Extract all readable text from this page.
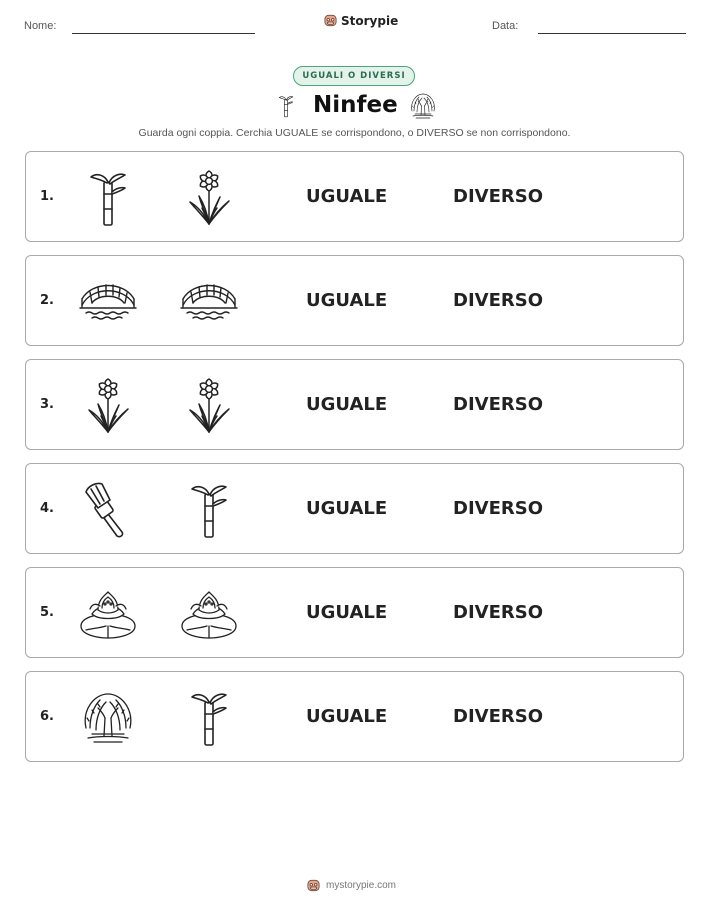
Nome:	Storypie	Data:
UGUALI O DIVERSI
Ninfee
Guarda ogni coppia. Cerchia UGUALE se corrispondono, o DIVERSO se non corrispondono.
1.	UGUALE	DIVERSO
2.	UGUALE	DIVERSO
3.	UGUALE	DIVERSO
4.	UGUALE	DIVERSO
5.	UGUALE	DIVERSO
6.	UGUALE	DIVERSO
mystorypie.com
